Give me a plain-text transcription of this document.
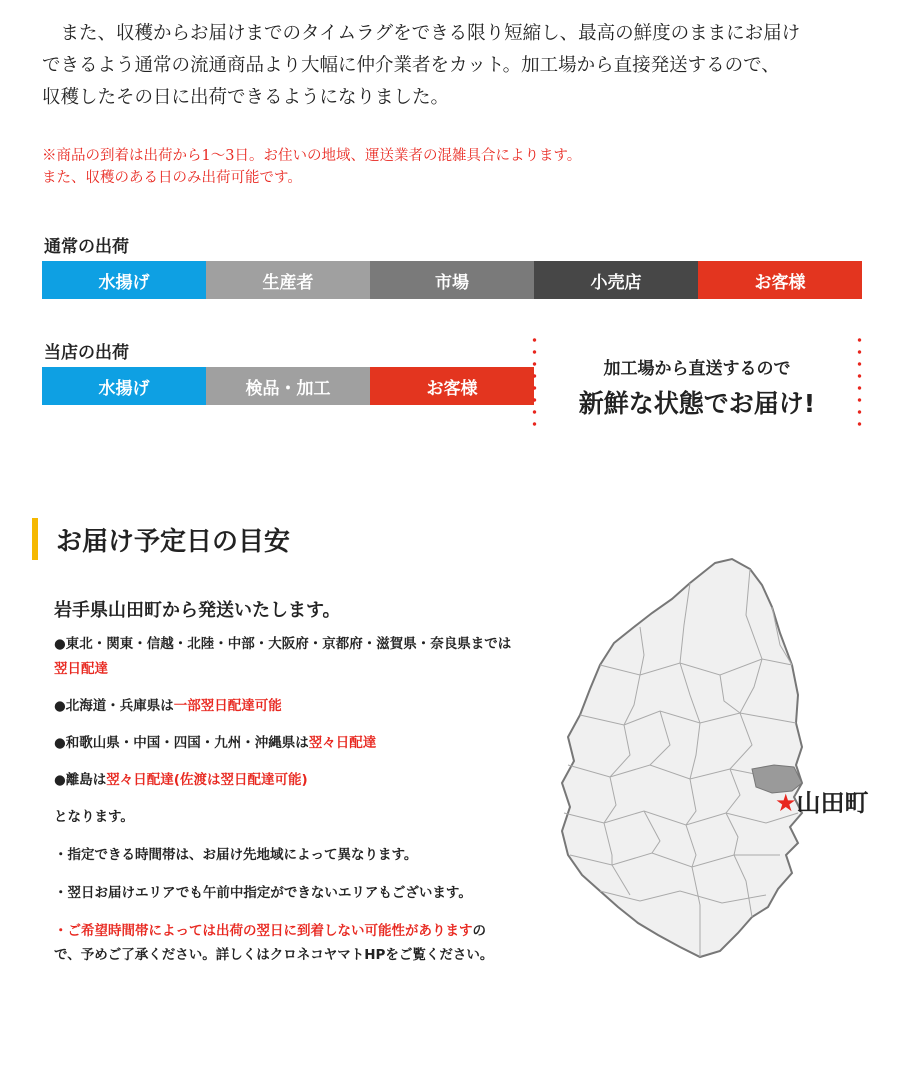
また、収穫からお届けまでのタイムラグをできる限り短縮し、最高の鮮度のままにお届け
できるよう通常の流通商品より大幅に仲介業者をカット。加工場から直接発送するので、
収穫したその日に出荷できるようになりました。

※商品の到着は出荷から1〜3日。お住いの地域、運送業者の混雑具合によります。
また、収穫のある日のみ出荷可能です。
通常の出荷
水揚げ	生産者	市場	小売店	お客様
当店の出荷
水揚げ	検品・加工	お客様
加工場から直送するので
新鮮な状態でお届け!
お届け予定日の目安
岩手県山田町から発送いたします。
●東北・関東・信越・北陸・中部・大阪府・京都府・滋賀県・奈良県までは
翌日配達
●北海道・兵庫県は一部翌日配達可能
●和歌山県・中国・四国・九州・沖縄県は翌々日配達
●離島は翌々日配達(佐渡は翌日配達可能)
となります。
・指定できる時間帯は、お届け先地域によって異なります。
・翌日お届けエリアでも午前中指定ができないエリアもございます。
・ご希望時間帯によっては出荷の翌日に到着しない可能性がありますの
で、予めご了承ください。詳しくはクロネコヤマトHPをご覧ください。
★山田町
